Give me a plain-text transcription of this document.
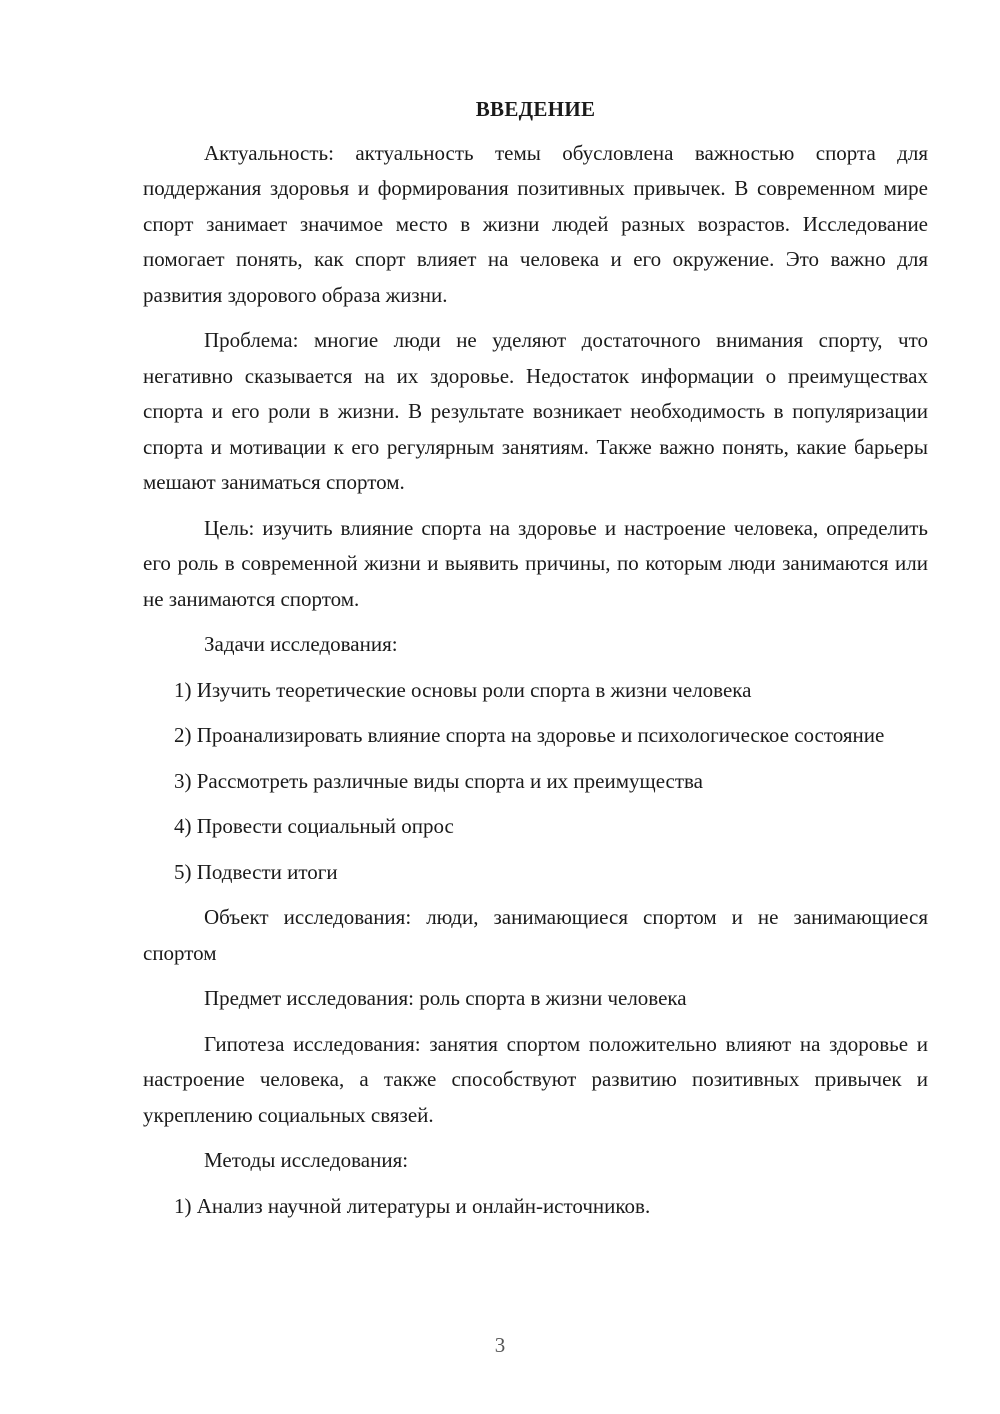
ВВЕДЕНИЕ

Актуальность: актуальность темы обусловлена важностью спорта для поддержания здоровья и формирования позитивных привычек. В современном мире спорт занимает значимое место в жизни людей разных возрастов. Исследование помогает понять, как спорт влияет на человека и его окружение. Это важно для развития здорового образа жизни.

Проблема: многие люди не уделяют достаточного внимания спорту, что негативно сказывается на их здоровье. Недостаток информации о преимуществах спорта и его роли в жизни. В результате возникает необходимость в популяризации спорта и мотивации к его регулярным занятиям. Также важно понять, какие барьеры мешают заниматься спортом.

Цель: изучить влияние спорта на здоровье и настроение человека, определить его роль в современной жизни и выявить причины, по которым люди занимаются или не занимаются спортом.

Задачи исследования:

1) Изучить теоретические основы роли спорта в жизни человека

2) Проанализировать влияние спорта на здоровье и психологическое состояние

3) Рассмотреть различные виды спорта и их преимущества

4) Провести социальный опрос

5) Подвести итоги

Объект исследования: люди, занимающиеся спортом и не занимающиеся спортом

Предмет исследования: роль спорта в жизни человека

Гипотеза исследования: занятия спортом положительно влияют на здоровье и настроение человека, а также способствуют развитию позитивных привычек и укреплению социальных связей.

Методы исследования:

1) Анализ научной литературы и онлайн-источников.

3
